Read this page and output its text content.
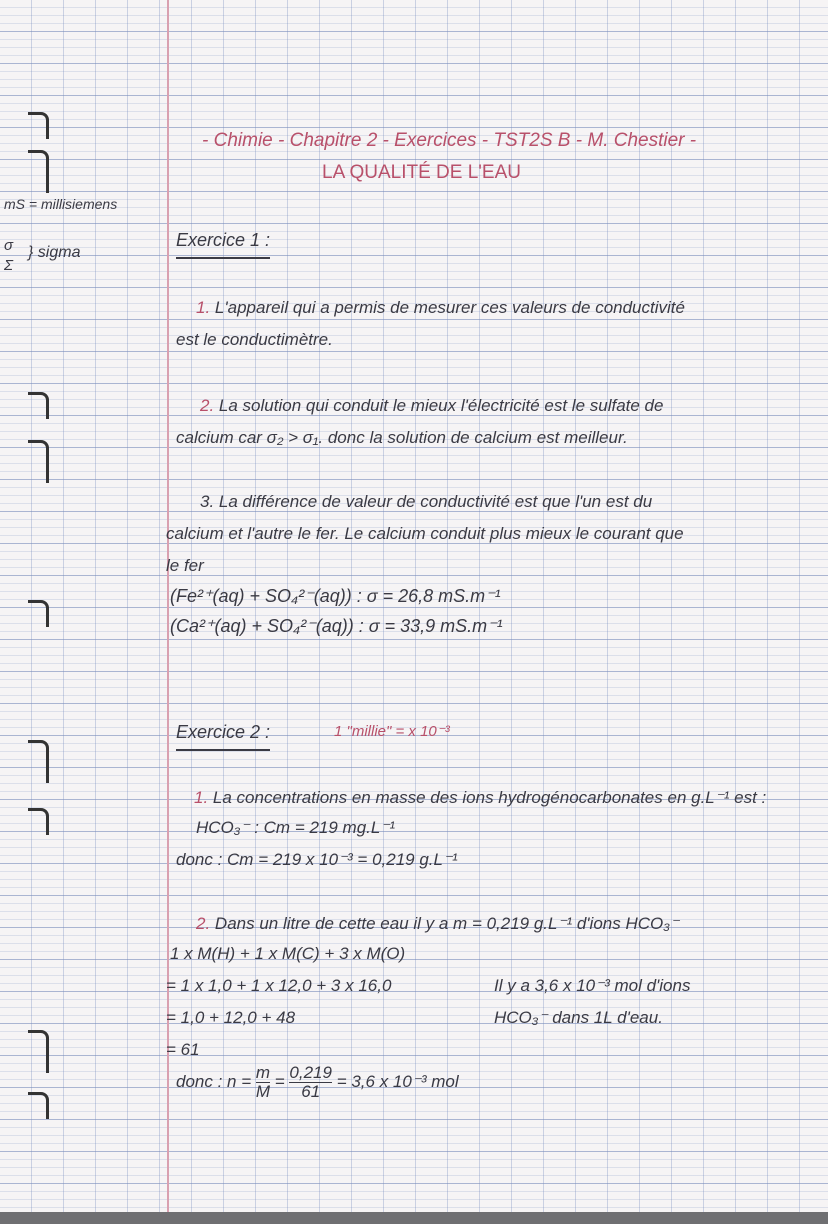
mS = millisiemens
σ Σ
} sigma
- Chimie - Chapitre 2 - Exercices - TST2S B - M. Chestier -
LA QUALITÉ DE L'EAU
Exercice 1 :
1. L'appareil qui a permis de mesurer ces valeurs de conductivité
est le conductimètre.
2. La solution qui conduit le mieux l'électricité est le sulfate de
calcium car σ₂ > σ₁. donc la solution de calcium est meilleur.
3. La différence de valeur de conductivité est que l'un est du
calcium et l'autre le fer. Le calcium conduit plus mieux le courant que
le fer
(Fe²⁺(aq) + SO₄²⁻(aq)) : σ = 26,8 mS.m⁻¹
(Ca²⁺(aq) + SO₄²⁻(aq)) : σ = 33,9 mS.m⁻¹
Exercice 2 :	1 "millie" = x 10⁻³
1. La concentrations en masse des ions hydrogénocarbonates en g.L⁻¹ est :
HCO₃⁻ : Cm = 219 mg.L⁻¹
donc : Cm = 219 x 10⁻³ = 0,219 g.L⁻¹
2. Dans un litre de cette eau il y a m = 0,219 g.L⁻¹ d'ions HCO₃⁻
1 x M(H) + 1 x M(C) + 3 x M(O)
= 1 x 1,0 + 1 x 12,0 + 3 x 16,0
= 1,0 + 12,0 + 48
= 61
Il y a 3,6 x 10⁻³ mol d'ions
HCO₃⁻ dans 1L d'eau.
donc : $n = \frac{m}{M} = \frac{0,219}{61} = 3,6$ x 10⁻³ mol
